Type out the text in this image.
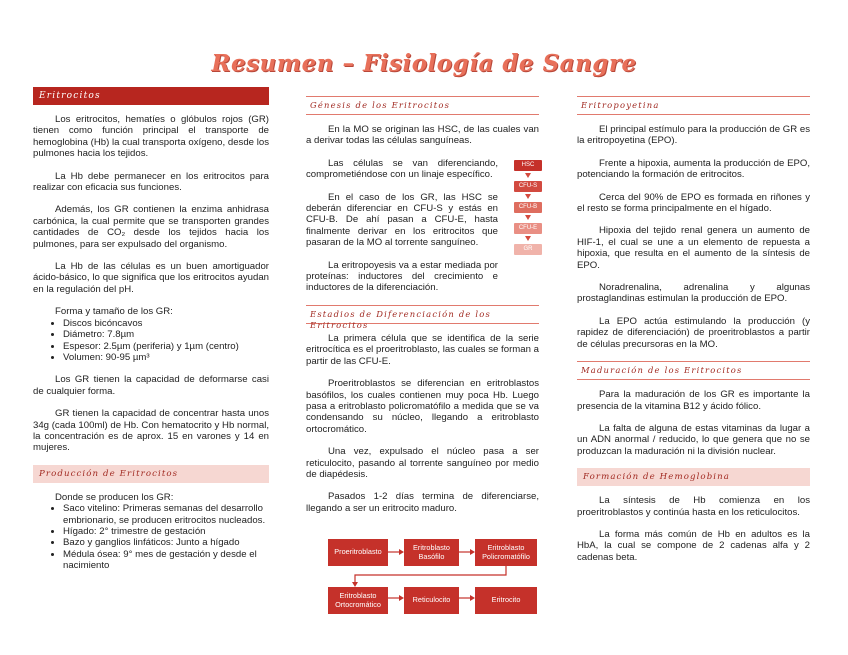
Resumen – Fisiología de Sangre
Eritrocitos

Los eritrocitos, hematíes o glóbulos rojos (GR) tienen como función principal el transporte de hemoglobina (Hb) la cual transporta oxígeno, desde los pulmones hacia los tejidos.

La Hb debe permanecer en los eritrocitos para realizar con eficacia sus funciones.

Además, los GR contienen la enzima anhidrasa carbónica, la cual permite que se transporten grandes cantidades de CO₂ desde los tejidos hacia los pulmones, para ser expulsado del organismo.

La Hb de las células es un buen amortiguador ácido-básico, lo que significa que los eritrocitos ayudan en la regulación del pH.

Forma y tamaño de los GR:

• Discos bicóncavos
• Diámetro: 7.8µm
• Espesor: 2.5µm (periferia) y 1µm (centro)
• Volumen: 90-95 µm³

Los GR tienen la capacidad de deformarse casi de cualquier forma.

GR tienen la capacidad de concentrar hasta unos 34g (cada 100ml) de Hb. Con hematocrito y Hb normal, la concentración es de aprox. 15 en varones y 14 en mujeres.

Producción de Eritrocitos

Donde se producen los GR:

• Saco vitelino: Primeras semanas del desarrollo embrionario, se producen eritrocitos nucleados.
• Hígado: 2° trimestre de gestación
• Bazo y ganglios linfáticos: Junto a hígado
• Médula ósea: 9° mes de gestación y desde el nacimiento
Génesis de los Eritrocitos

En la MO se originan las HSC, de las cuales van a derivar todas las células sanguíneas.

Las células se van diferenciando, comprometiéndose con un linaje específico.

En el caso de los GR, las HSC se deberán diferenciar en CFU-S y estás en CFU-B. De ahí pasan a CFU-E, hasta finalmente derivar en los eritrocitos que pasaran de la MO al torrente sanguíneo.

La eritropoyesis va a estar mediada por proteínas: inductores del crecimiento e inductores de la diferenciación.

Estadios de Diferenciación de los Eritrocitos

La primera célula que se identifica de la serie eritrocítica es el proeritroblasto, las cuales se forman a partir de las CFU-E.

Proeritroblastos se diferencian en eritroblastos basófilos, los cuales contienen muy poca Hb. Luego pasa a eritroblasto policromatófilo a medida que se va condensando su núcleo, llegando a eritroblasto ortocromático.

Una vez, expulsado el núcleo pasa a ser reticulocito, pasando al torrente sanguíneo por medio de diapédesis.

Pasados 1-2 días termina de diferenciarse, llegando a ser un eritrocito maduro.

HSC
CFU-S
CFU-B
CFU-E
GR
Proeritroblasto	Eritroblasto Basófilo
Eritroblasto Policromatófilo
Eritroblasto Ortocromático	Reticulocito	Eritrocito
Eritropoyetina

El principal estímulo para la producción de GR es la eritropoyetina (EPO).

Frente a hipoxia, aumenta la producción de EPO, potenciando la formación de eritrocitos.

Cerca del 90% de EPO es formada en riñones y el resto se forma principalmente en el hígado.

Hipoxia del tejido renal genera un aumento de HIF-1, el cual se une a un elemento de repuesta a hipoxia, que resulta en el aumento de la síntesis de EPO.

Noradrenalina, adrenalina y algunas prostaglandinas estimulan la producción de EPO.

La EPO actúa estimulando la producción (y rapidez de diferenciación) de proeritroblastos a partir de células precursoras en la MO.

Maduración de los Eritrocitos

Para la maduración de los GR es importante la presencia de la vitamina B12 y ácido fólico.

La falta de alguna de estas vitaminas da lugar a un ADN anormal / reducido, lo que genera que no se produzcan la maduración ni la división nuclear.

Formación de Hemoglobina

La síntesis de Hb comienza en los proeritroblastos y continúa hasta en los reticulocitos.

La forma más común de Hb en adultos es la HbA, la cual se compone de 2 cadenas alfa y 2 cadenas beta.
